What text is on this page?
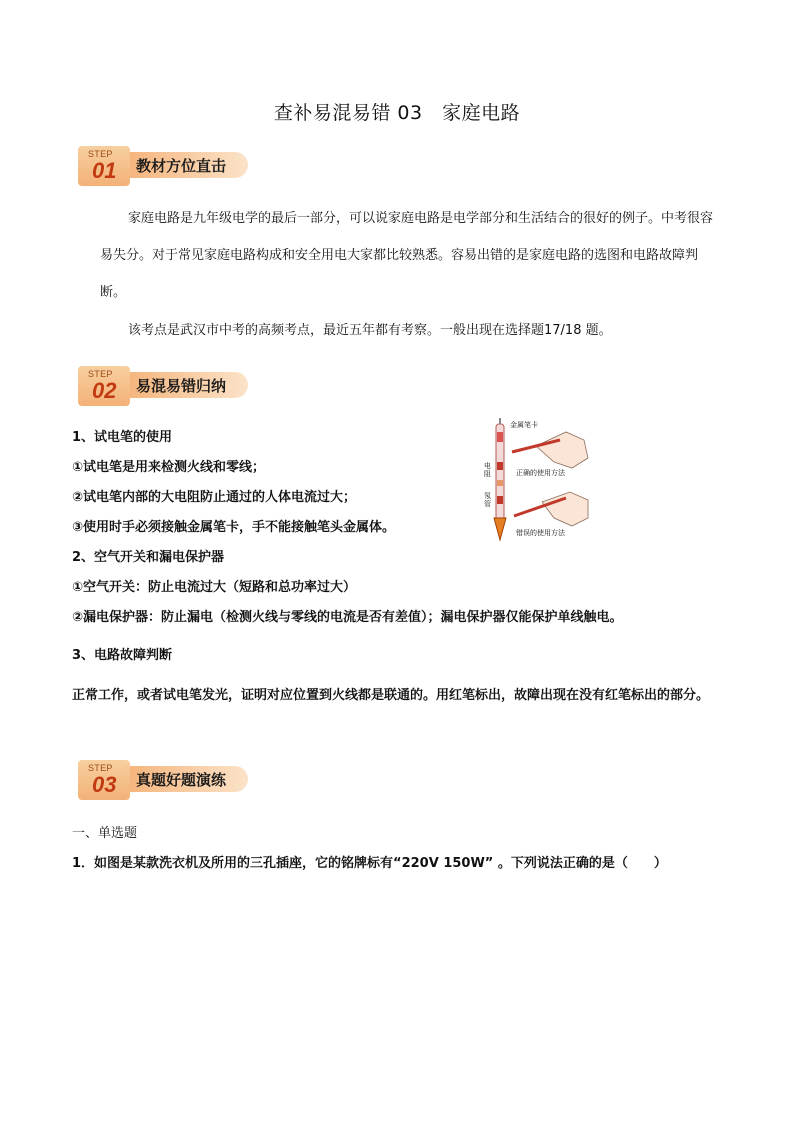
查补易混易错 03　家庭电路
教材方位直击
STEP
01
家庭电路是九年级电学的最后一部分，可以说家庭电路是电学部分和生活结合的很好的例子。中考很容易失分。对于常见家庭电路构成和安全用电大家都比较熟悉。容易出错的是家庭电路的选图和电路故障判断。
该考点是武汉市中考的高频考点，最近五年都有考察。一般出现在选择题17/18 题。
易混易错归纳
STEP
02
1、试电笔的使用
①试电笔是用来检测火线和零线；
②试电笔内部的大电阻防止通过的人体电流过大；
③使用时手必须接触金属笔卡，手不能接触笔头金属体。
2、空气开关和漏电保护器
①空气开关：防止电流过大（短路和总功率过大）
②漏电保护器：防止漏电（检测火线与零线的电流是否有差值）；漏电保护器仅能保护单线触电。
3、电路故障判断
正常工作，或者试电笔发光，证明对应位置到火线都是联通的。用红笔标出，故障出现在没有红笔标出的部分。
金属笔卡
正确的使用方法
电阻
氖管
错误的使用方法
真题好题演练
STEP
03
一、单选题
1．如图是某款洗衣机及所用的三孔插座，它的铭牌标有“220V 150W” 。下列说法正确的是（　　）
